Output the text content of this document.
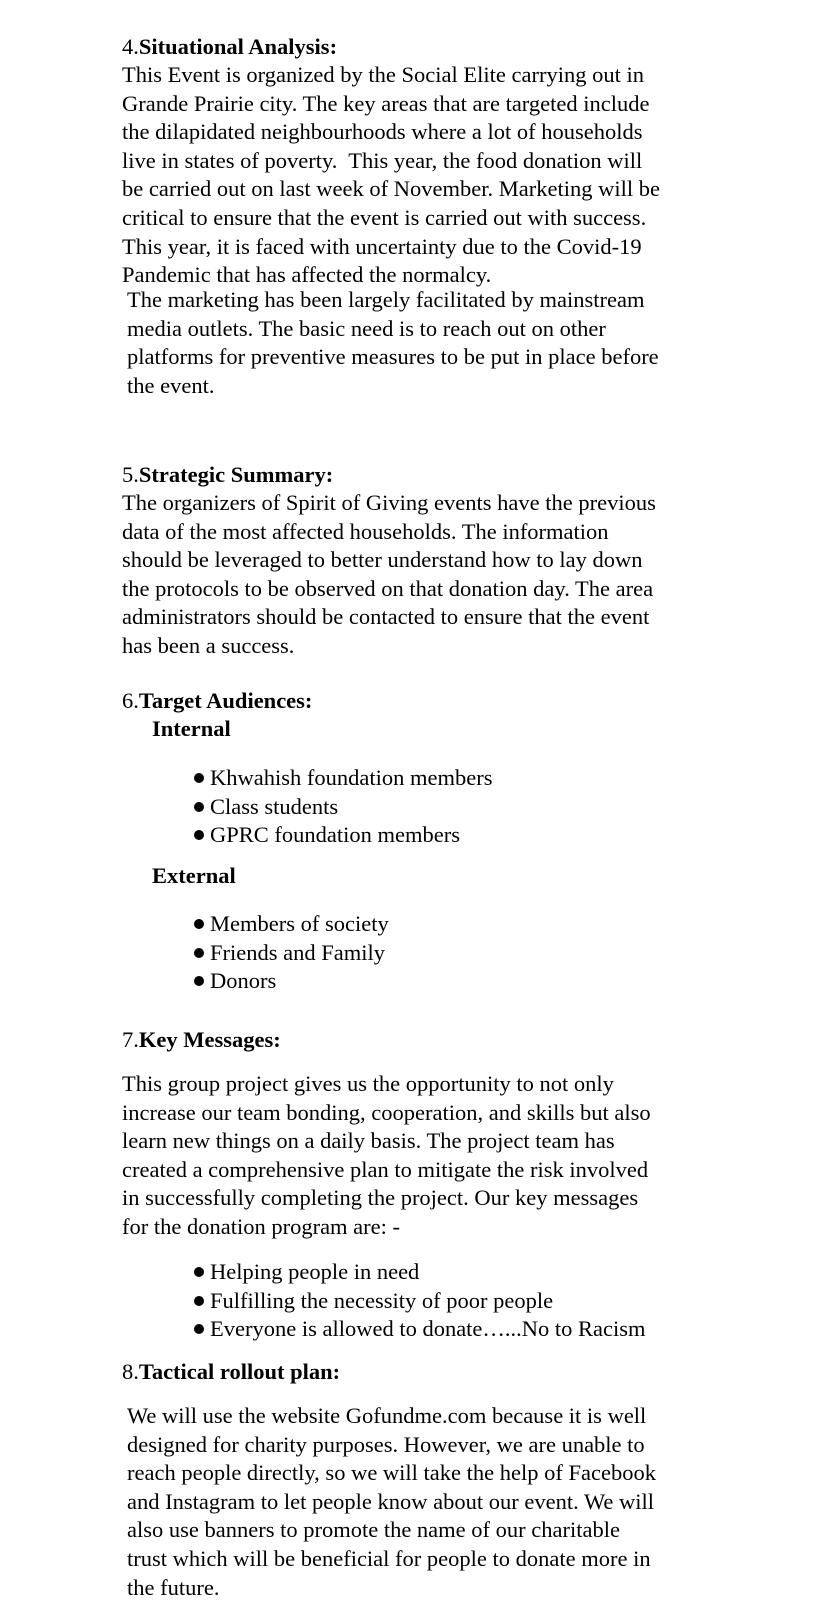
4.Situational Analysis:

This Event is organized by the Social Elite carrying out in
Grande Prairie city. The key areas that are targeted include
the dilapidated neighbourhoods where a lot of households
live in states of poverty.  This year, the food donation will
be carried out on last week of November. Marketing will be
critical to ensure that the event is carried out with success.
This year, it is faced with uncertainty due to the Covid-19
Pandemic that has affected the normalcy.

The marketing has been largely facilitated by mainstream
media outlets. The basic need is to reach out on other
platforms for preventive measures to be put in place before
the event.

5.Strategic Summary:

The organizers of Spirit of Giving events have the previous
data of the most affected households. The information
should be leveraged to better understand how to lay down
the protocols to be observed on that donation day. The area
administrators should be contacted to ensure that the event
has been a success.

6.Target Audiences:
Internal
Khwahish foundation members
Class students
GPRC foundation members
External
Members of society
Friends and Family
Donors
7.Key Messages:

This group project gives us the opportunity to not only
increase our team bonding, cooperation, and skills but also
learn new things on a daily basis. The project team has
created a comprehensive plan to mitigate the risk involved
in successfully completing the project. Our key messages
for the donation program are: -

Helping people in need
Fulfilling the necessity of poor people
Everyone is allowed to donate…...No to Racism
8.Tactical rollout plan:

We will use the website Gofundme.com because it is well
designed for charity purposes. However, we are unable to
reach people directly, so we will take the help of Facebook
and Instagram to let people know about our event. We will
also use banners to promote the name of our charitable
trust which will be beneficial for people to donate more in
the future.
